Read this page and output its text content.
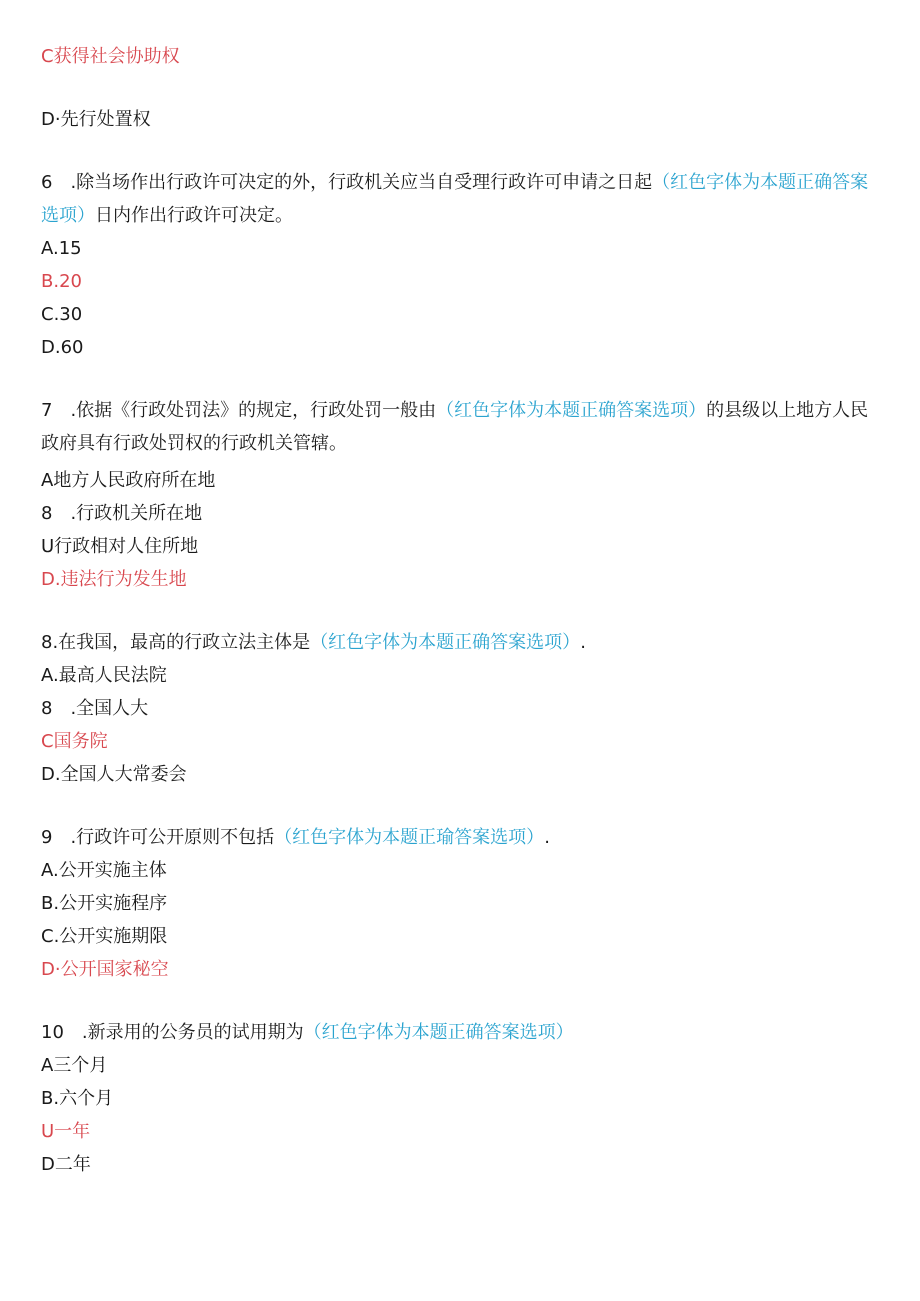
C获得社会协助权
D·先行处置权
6　.除当场作出行政许可决定的外，行政机关应当自受理行政许可申请之日起（红色字体为本题正确答案选项）日内作出行政许可决定。
A.15
B.20
C.30
D.60
7　.依据《行政处罚法》的规定，行政处罚一般由（红色字体为本题正确答案选项）的县级以上地方人民政府具有行政处罚权的行政机关管辖。
A地方人民政府所在地
8　.行政机关所在地
U行政相对人住所地
D.违法行为发生地
8.在我国，最高的行政立法主体是（红色字体为本题正确答案选项）.
A.最高人民法院
8　.全国人大
C国务院
D.全国人大常委会
9　.行政许可公开原则不包括（红色字体为本题正瑜答案选项）.
A.公开实施主体
B.公开实施程序
C.公开实施期限
D·公开国家秘空
10　.新录用的公务员的试用期为（红色字体为本题正确答案选项）
A三个月
B.六个月
U一年
D二年
